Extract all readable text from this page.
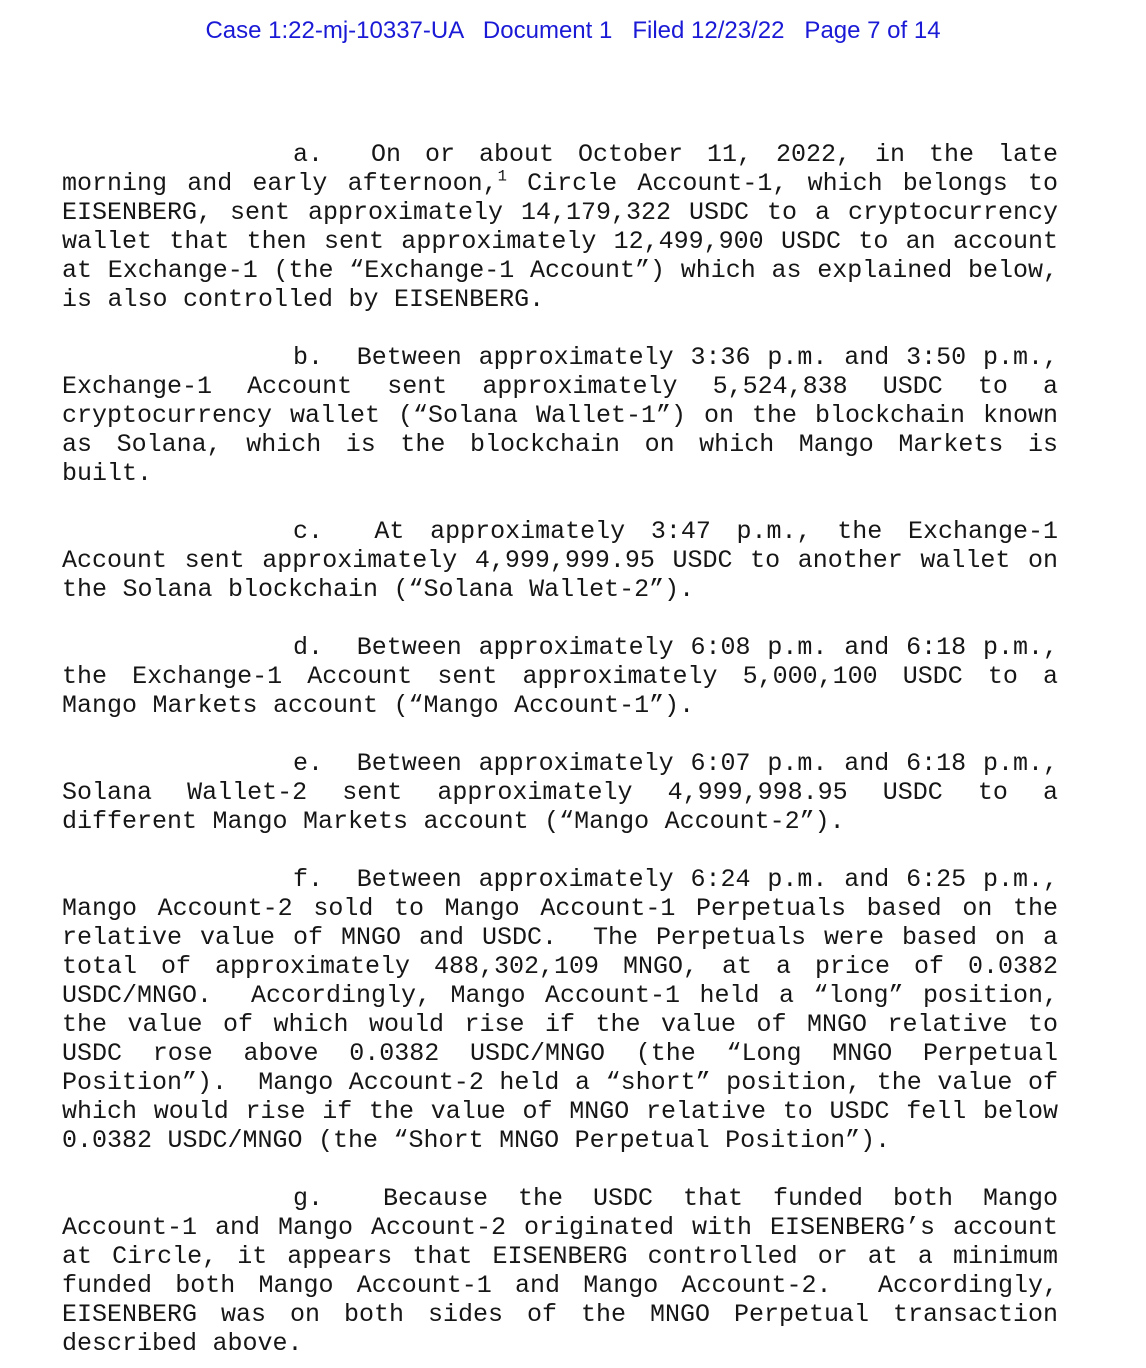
Case 1:22-mj-10337-UA   Document 1   Filed 12/23/22   Page 7 of 14

a.  On or about October 11, 2022, in the late morning and early afternoon,$^1$ Circle Account-1, which belongs to EISENBERG, sent approximately 14,179,322 USDC to a cryptocurrency wallet that then sent approximately 12,499,900 USDC to an account at Exchange-1 (the “Exchange-1 Account”) which as explained below, is also controlled by EISENBERG.

b.  Between approximately 3:36 p.m. and 3:50 p.m., Exchange-1 Account sent approximately 5,524,838 USDC to a cryptocurrency wallet (“Solana Wallet-1”) on the blockchain known as Solana, which is the blockchain on which Mango Markets is built.

c.  At approximately 3:47 p.m., the Exchange-1 Account sent approximately 4,999,999.95 USDC to another wallet on the Solana blockchain (“Solana Wallet-2”).

d.  Between approximately 6:08 p.m. and 6:18 p.m., the Exchange-1 Account sent approximately 5,000,100 USDC to a Mango Markets account (“Mango Account-1”).

e.  Between approximately 6:07 p.m. and 6:18 p.m., Solana Wallet-2 sent approximately 4,999,998.95 USDC to a different Mango Markets account (“Mango Account-2”).

f.  Between approximately 6:24 p.m. and 6:25 p.m., Mango Account-2 sold to Mango Account-1 Perpetuals based on the relative value of MNGO and USDC.  The Perpetuals were based on a total of approximately 488,302,109 MNGO, at a price of 0.0382 USDC/MNGO.  Accordingly, Mango Account-1 held a “long” position, the value of which would rise if the value of MNGO relative to USDC rose above 0.0382 USDC/MNGO (the “Long MNGO Perpetual Position”).  Mango Account-2 held a “short” position, the value of which would rise if the value of MNGO relative to USDC fell below 0.0382 USDC/MNGO (the “Short MNGO Perpetual Position”).

g.  Because the USDC that funded both Mango Account-1 and Mango Account-2 originated with EISENBERG’s account at Circle, it appears that EISENBERG controlled or at a minimum funded both Mango Account-1 and Mango Account-2.  Accordingly, EISENBERG was on both sides of the MNGO Perpetual transaction described above.
